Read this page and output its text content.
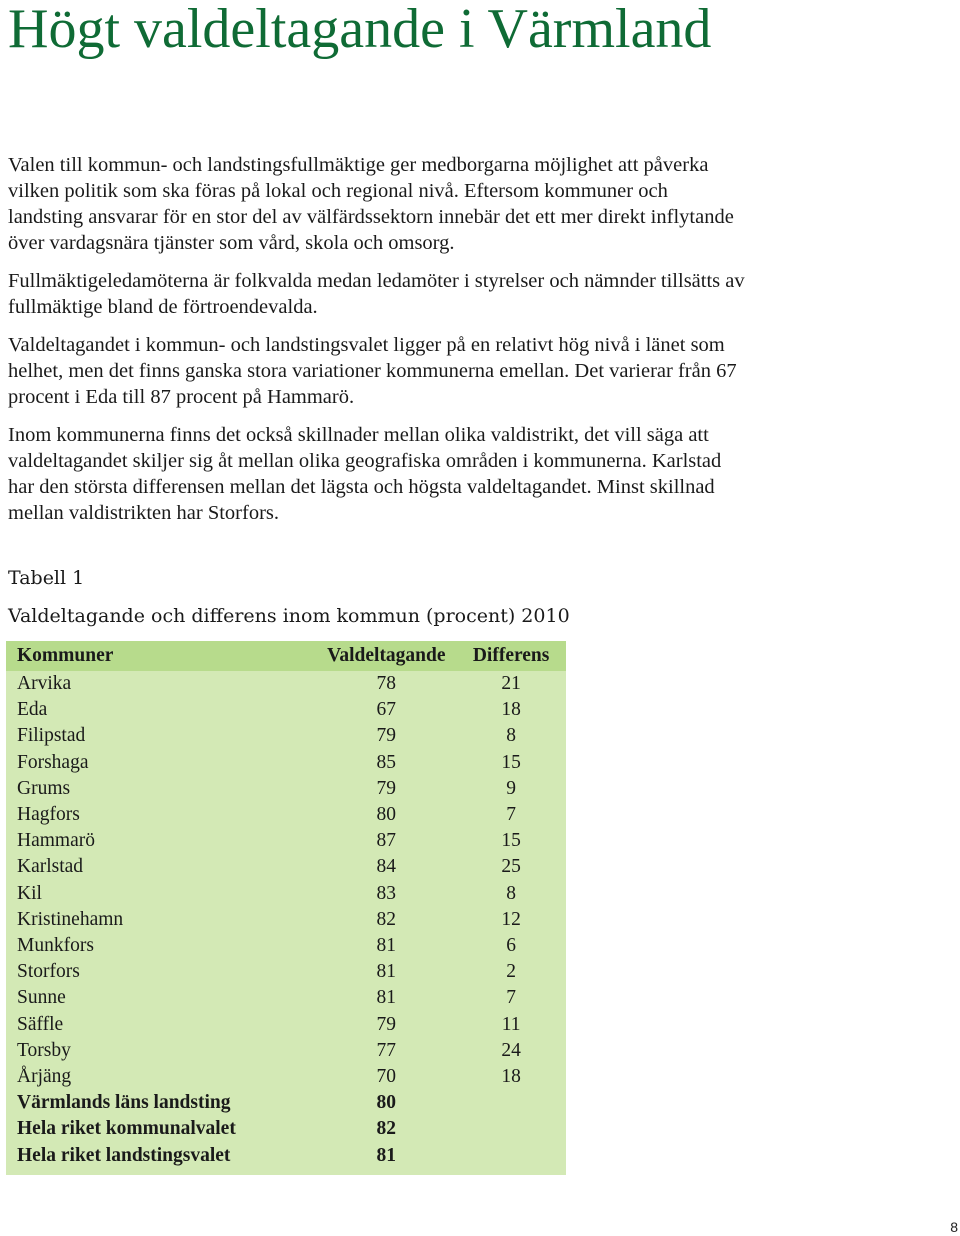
Högt valdeltagande i Värmland

Valen till kommun- och landstingsfullmäktige ger medborgarna möjlighet att påverka vilken politik som ska föras på lokal och regional nivå. Eftersom kommuner och landsting ansvarar för en stor del av välfärdssektorn innebär det ett mer direkt inflytande över vardagsnära tjänster som vård, skola och omsorg.

Fullmäktigeledamöterna är folkvalda medan ledamöter i styrelser och nämnder tillsätts av fullmäktige bland de förtroendevalda.

Valdeltagandet i kommun- och landstingsvalet ligger på en relativt hög nivå i länet som helhet, men det finns ganska stora variationer kommunerna emellan. Det varierar från 67 procent i Eda till 87 procent på Hammarö.

Inom kommunerna finns det också skillnader mellan olika valdistrikt, det vill säga att valdeltagandet skiljer sig åt mellan olika geografiska områden i kommunerna. Karlstad har den största differensen mellan det lägsta och högsta valdeltagandet. Minst skillnad mellan valdistrikten har Storfors.

Tabell 1

Valdeltagande och differens inom kommun (procent) 2010

Kommuner	Valdeltagande	Differens
Arvika	78	21
Eda	67	18
Filipstad	79	8
Forshaga	85	15
Grums	79	9
Hagfors	80	7
Hammarö	87	15
Karlstad	84	25
Kil	83	8
Kristinehamn	82	12
Munkfors	81	6
Storfors	81	2
Sunne	81	7
Säffle	79	11
Torsby	77	24
Årjäng	70	18
Värmlands läns landsting	80	
Hela riket kommunalvalet	82	
Hela riket landstingsvalet	81	
8
